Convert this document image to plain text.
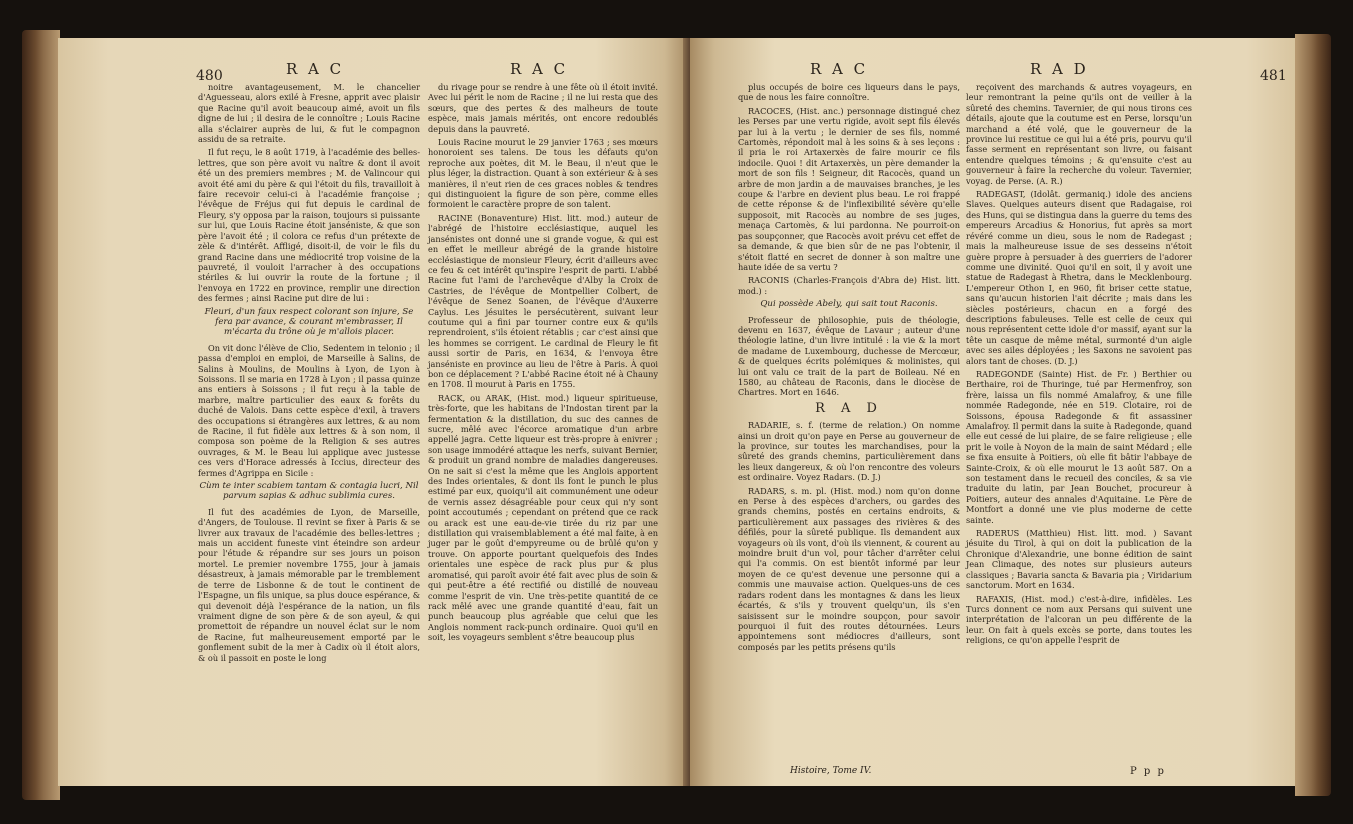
480	R A C	R A C

noitre avantageusement, M. le chancelier d'Aguesseau, alors exilé à Fresne, apprit avec plaisir que Racine qu'il avoit beaucoup aimé, avoit un fils digne de lui ; il desira de le connoître ; Louis Racine alla s'éclairer auprès de lui, & fut le compagnon assidu de sa retraite.

Il fut reçu, le 8 août 1719, à l'académie des belles-lettres, que son père avoit vu naître & dont il avoit été un des premiers membres ; M. de Valincour qui avoit été ami du père & qui l'étoit du fils, travailloit à faire recevoir celui-ci à l'académie françoise ; l'évêque de Fréjus qui fut depuis le cardinal de Fleury, s'y opposa par la raison, toujours si puissante sur lui, que Louis Racine étoit janséniste, & que son père l'avoit été ; il colora ce refus d'un prétexte de zèle & d'intérêt. Affligé, disoit-il, de voir le fils du grand Racine dans une médiocrité trop voisine de la pauvreté, il vouloit l'arracher à des occupations stériles & lui ouvrir la route de la fortune ; il l'envoya en 1722 en province, remplir une direction des fermes ; ainsi Racine put dire de lui :

Fleuri, d'un faux respect colorant son injure, Se fera par avance, & courant m'embrasser, Il m'écarta du trône où je m'allois placer.

On vit donc l'élève de Clio, Sedentem in telonio ; il passa d'emploi en emploi, de Marseille à Salins, de Salins à Moulins, de Moulins à Lyon, de Lyon à Soissons. Il se maria en 1728 à Lyon ; il passa quinze ans entiers à Soissons ; il fut reçu à la table de marbre, maître particulier des eaux & forêts du duché de Valois. Dans cette espèce d'exil, à travers des occupations si étrangères aux lettres, & au nom de Racine, il fut fidèle aux lettres & à son nom, il composa son poème de la Religion & ses autres ouvrages, & M. le Beau lui applique avec justesse ces vers d'Horace adressés à Iccius, directeur des fermes d'Agrippa en Sicile :

Cùm te inter scabiem tantam & contagia lucri, Nil parvum sapias & adhuc sublimia cures.

Il fut des académies de Lyon, de Marseille, d'Angers, de Toulouse. Il revint se fixer à Paris & se livrer aux travaux de l'académie des belles-lettres ; mais un accident funeste vint éteindre son ardeur pour l'étude & répandre sur ses jours un poison mortel. Le premier novembre 1755, jour à jamais désastreux, à jamais mémorable par le tremblement de terre de Lisbonne & de tout le continent de l'Espagne, un fils unique, sa plus douce espérance, & qui devenoit déjà l'espérance de la nation, un fils vraiment digne de son père & de son ayeul, & qui promettoit de répandre un nouvel éclat sur le nom de Racine, fut malheureusement emporté par le gonflement subit de la mer à Cadix où il étoit alors, & où il passoit en poste le long

du rivage pour se rendre à une fête où il étoit invité. Avec lui périt le nom de Racine ; il ne lui resta que des sœurs, que des pertes & des malheurs de toute espèce, mais jamais mérités, ont encore redoublés depuis dans la pauvreté.

Louis Racine mourut le 29 janvier 1763 ; ses mœurs honoroient ses talens. De tous les défauts qu'on reproche aux poètes, dit M. le Beau, il n'eut que le plus léger, la distraction. Quant à son extérieur & à ses manières, il n'eut rien de ces graces nobles & tendres qui distinguoient la figure de son père, comme elles formoient le caractère propre de son talent.

RACINE (Bonaventure) Hist. litt. mod.) auteur de l'abrégé de l'histoire ecclésiastique, auquel les jansénistes ont donné une si grande vogue, & qui est en effet le meilleur abrégé de la grande histoire ecclésiastique de monsieur Fleury, écrit d'ailleurs avec ce feu & cet intérêt qu'inspire l'esprit de parti. L'abbé Racine fut l'ami de l'archevêque d'Alby la Croix de Castries, de l'évêque de Montpellier Colbert, de l'évêque de Senez Soanen, de l'évêque d'Auxerre Caylus. Les jésuites le persécutèrent, suivant leur coutume qui a fini par tourner contre eux & qu'ils reprendroient, s'ils étoient rétablis ; car c'est ainsi que les hommes se corrigent. Le cardinal de Fleury le fit aussi sortir de Paris, en 1634, & l'envoya être janséniste en province au lieu de l'être à Paris. À quoi bon ce déplacement ? L'abbé Racine étoit né à Chauny en 1708. Il mourut à Paris en 1755.

RACK, ou ARAK, (Hist. mod.) liqueur spiritueuse, très-forte, que les habitans de l'Indostan tirent par la fermentation & la distillation, du suc des cannes de sucre, mêlé avec l'écorce aromatique d'un arbre appellé jagra. Cette liqueur est très-propre à enivrer ; son usage immodéré attaque les nerfs, suivant Bernier, & produit un grand nombre de maladies dangereuses. On ne sait si c'est la même que les Anglois apportent des Indes orientales, & dont ils font le punch le plus estimé par eux, quoiqu'il ait communément une odeur de vernis assez désagréable pour ceux qui n'y sont point accoutumés ; cependant on prétend que ce rack ou arack est une eau-de-vie tirée du riz par une distillation qui vraisemblablement a été mal faite, à en juger par le goût d'empyreume ou de brûlé qu'on y trouve. On apporte pourtant quelquefois des Indes orientales une espèce de rack plus pur & plus aromatisé, qui paroît avoir été fait avec plus de soin & qui peut-être a été rectifié ou distillé de nouveau comme l'esprit de vin. Une très-petite quantité de ce rack mêlé avec une grande quantité d'eau, fait un punch beaucoup plus agréable que celui que les Anglois nomment rack-punch ordinaire. Quoi qu'il en soit, les voyageurs semblent s'être beaucoup plus

R A C	R A D	481

plus occupés de boire ces liqueurs dans le pays, que de nous les faire connoître.

RACOCES, (Hist. anc.) personnage distingué chez les Perses par une vertu rigide, avoit sept fils élevés par lui à la vertu ; le dernier de ses fils, nommé Cartomès, répondoit mal à les soins & à ses leçons : il pria le roi Artaxerxès de faire mourir ce fils indocile. Quoi ! dit Artaxerxès, un père demander la mort de son fils ! Seigneur, dit Racocès, quand un arbre de mon jardin a de mauvaises branches, je les coupe & l'arbre en devient plus beau. Le roi frappé de cette réponse & de l'inflexibilité sévère qu'elle supposoit, mit Racocès au nombre de ses juges, menaça Cartomès, & lui pardonna. Ne pourroit-on pas soupçonner, que Racocès avoit prévu cet effet de sa demande, & que bien sûr de ne pas l'obtenir, il s'étoit flatté en secret de donner à son maître une haute idée de sa vertu ?

RACONIS (Charles-François d'Abra de) Hist. litt. mod.) :

Qui possède Abely, qui sait tout Raconis.

Professeur de philosophie, puis de théologie, devenu en 1637, évêque de Lavaur ; auteur d'une théologie latine, d'un livre intitulé : la vie & la mort de madame de Luxembourg, duchesse de Mercœur, & de quelques écrits polémiques & molinistes, qui lui ont valu ce trait de la part de Boileau. Né en 1580, au château de Raconis, dans le diocèse de Chartres. Mort en 1646.

R A D

RADARIE, s. f. (terme de relation.) On nomme ainsi un droit qu'on paye en Perse au gouverneur de la province, sur toutes les marchandises, pour la sûreté des grands chemins, particulièrement dans les lieux dangereux, & où l'on rencontre des voleurs est ordinaire. Voyez Radars. (D. J.)

RADARS, s. m. pl. (Hist. mod.) nom qu'on donne en Perse à des espèces d'archers, ou gardes des grands chemins, postés en certains endroits, & particulièrement aux passages des rivières & des défilés, pour la sûreté publique. Ils demandent aux voyageurs où ils vont, d'où ils viennent, & courent au moindre bruit d'un vol, pour tâcher d'arrêter celui qui l'a commis. On est bientôt informé par leur moyen de ce qu'est devenue une personne qui a commis une mauvaise action. Quelques-uns de ces radars rodent dans les montagnes & dans les lieux écartés, & s'ils y trouvent quelqu'un, ils s'en saisissent sur le moindre soupçon, pour savoir pourquoi il fuit des routes détournées. Leurs appointemens sont médiocres d'ailleurs, sont composés par les petits présens qu'ils

reçoivent des marchands & autres voyageurs, en leur remontrant la peine qu'ils ont de veiller à la sûreté des chemins. Tavernier, de qui nous tirons ces détails, ajoute que la coutume est en Perse, lorsqu'un marchand a été volé, que le gouverneur de la province lui restitue ce qui lui a été pris, pourvu qu'il fasse serment en représentant son livre, ou faisant entendre quelques témoins ; & qu'ensuite c'est au gouverneur à faire la recherche du voleur. Tavernier, voyag. de Perse. (A. R.)

RADEGAST, (Idolât. germaniq.) idole des anciens Slaves. Quelques auteurs disent que Radagaise, roi des Huns, qui se distingua dans la guerre du tems des empereurs Arcadius & Honorius, fut après sa mort révéré comme un dieu, sous le nom de Radegast ; mais la malheureuse issue de ses desseins n'étoit guère propre à persuader à des guerriers de l'adorer comme une divinité. Quoi qu'il en soit, il y avoit une statue de Radegast à Rhetra, dans le Mecklenbourg. L'empereur Othon I, en 960, fit briser cette statue, sans qu'aucun historien l'ait décrite ; mais dans les siècles postérieurs, chacun en a forgé des descriptions fabuleuses. Telle est celle de ceux qui nous représentent cette idole d'or massif, ayant sur la tête un casque de même métal, surmonté d'un aigle avec ses ailes déployées ; les Saxons ne savoient pas alors tant de choses. (D. J.)

RADEGONDE (Sainte) Hist. de Fr. ) Berthier ou Berthaire, roi de Thuringe, tué par Hermenfroy, son frère, laissa un fils nommé Amalafroy, & une fille nommée Radegonde, née en 519. Clotaire, roi de Soissons, épousa Radegonde & fit assassiner Amalafroy. Il permit dans la suite à Radegonde, quand elle eut cessé de lui plaire, de se faire religieuse ; elle prit le voile à Noyon de la main de saint Médard ; elle se fixa ensuite à Poitiers, où elle fit bâtir l'abbaye de Sainte-Croix, & où elle mourut le 13 août 587. On a son testament dans le recueil des conciles, & sa vie traduite du latin, par Jean Bouchet, procureur à Poitiers, auteur des annales d'Aquitaine. Le Père de Montfort a donné une vie plus moderne de cette sainte.

RADERUS (Matthieu) Hist. litt. mod. ) Savant jésuite du Tirol, à qui on doit la publication de la Chronique d'Alexandrie, une bonne édition de saint Jean Climaque, des notes sur plusieurs auteurs classiques ; Bavaria sancta & Bavaria pia ; Viridarium sanctorum. Mort en 1634.

RAFAXIS, (Hist. mod.) c'est-à-dire, infidèles. Les Turcs donnent ce nom aux Persans qui suivent une interprétation de l'alcoran un peu différente de la leur. On fait à quels excès se porte, dans toutes les religions, ce qu'on appelle l'esprit de

Histoire, Tome IV.	P p p
